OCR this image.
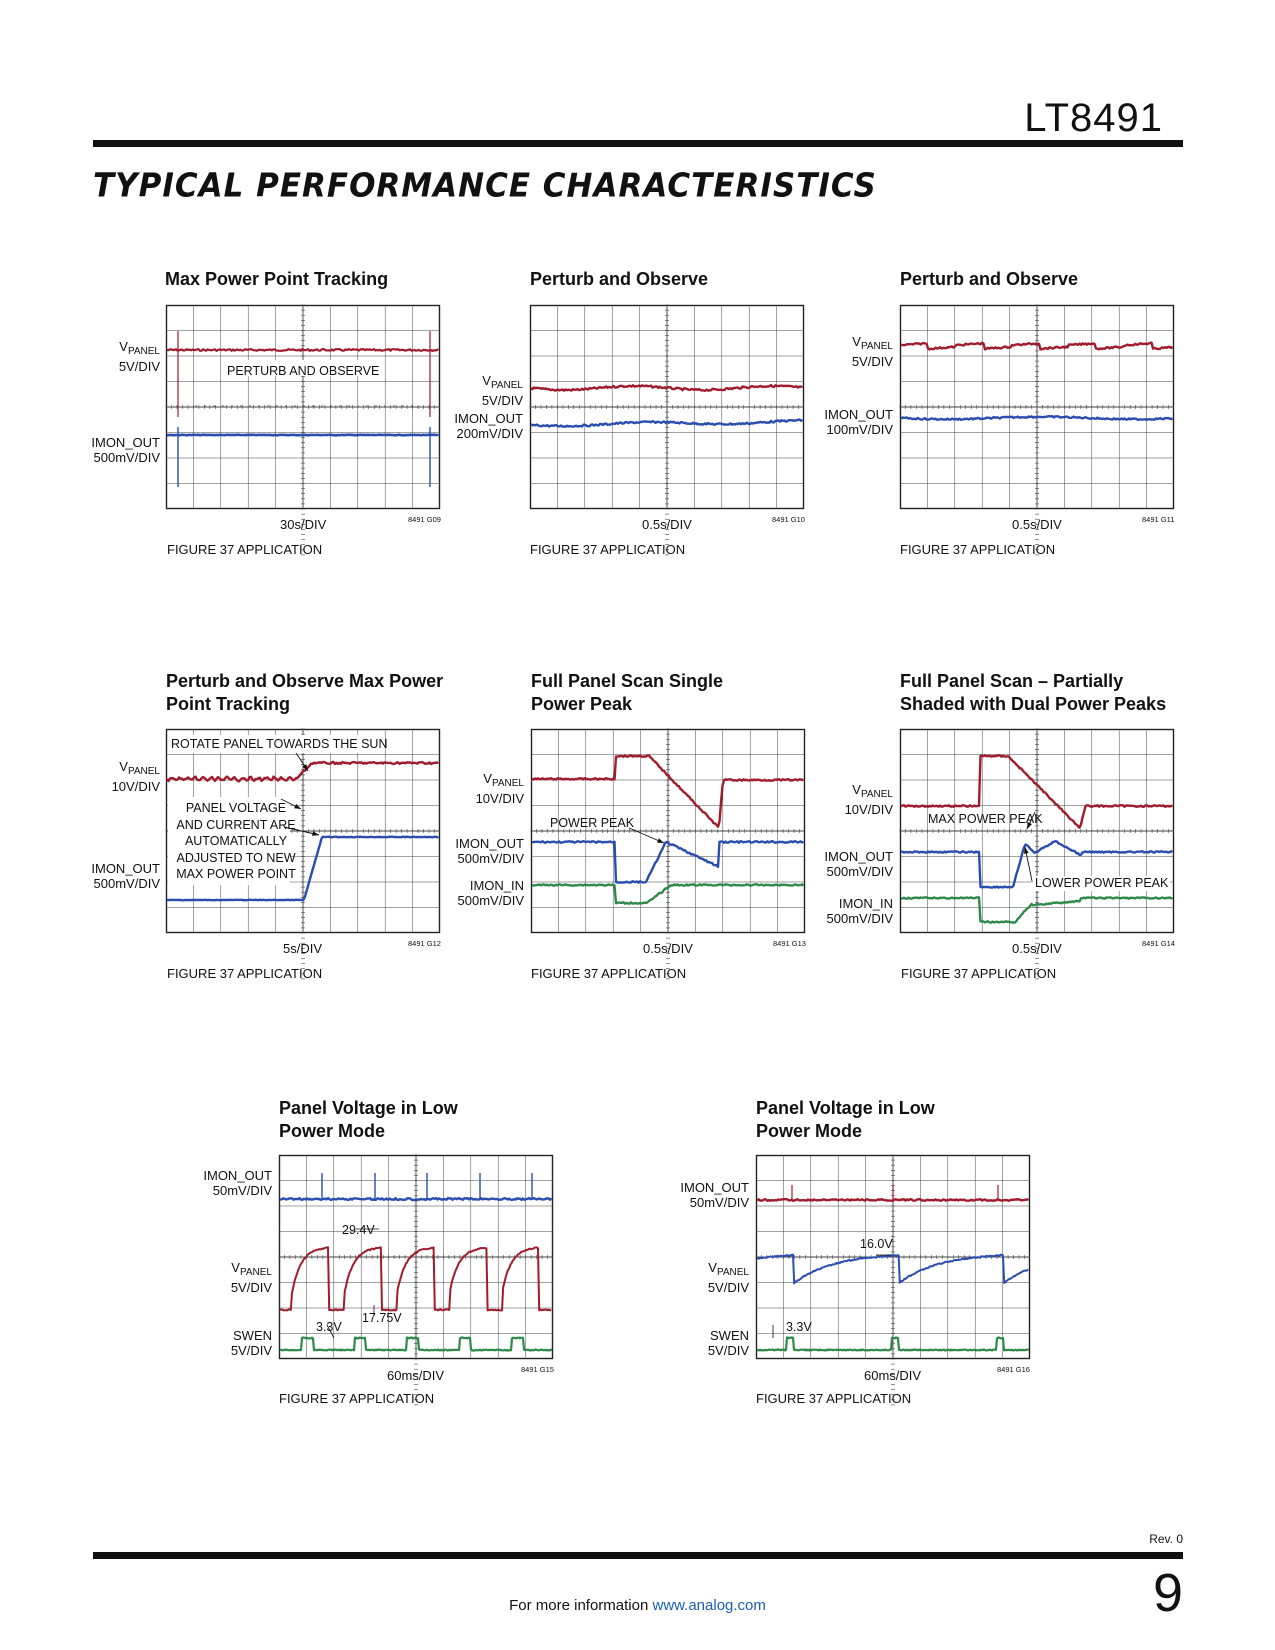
LT8491
TYPICAL PERFORMANCE CHARACTERISTICS
Max Power Point Tracking
$V_{PANEL}$
5V/DIV
IMON_OUT
500mV/DIV
PERTURB AND OBSERVE
30s/DIV	8491 G09
FIGURE 37 APPLICATION
Perturb and Observe
$V_{PANEL}$
5V/DIV
IMON_OUT
200mV/DIV
0.5s/DIV	8491 G10
FIGURE 37 APPLICATION
Perturb and Observe
$V_{PANEL}$
5V/DIV
IMON_OUT
100mV/DIV
0.5s/DIV	8491 G11
FIGURE 37 APPLICATION
Perturb and Observe Max Power
Point Tracking
$V_{PANEL}$
10V/DIV
IMON_OUT
500mV/DIV
ROTATE PANEL TOWARDS THE SUN
PANEL VOLTAGE
AND CURRENT ARE
AUTOMATICALLY
ADJUSTED TO NEW
MAX POWER POINT
5s/DIV	8491 G12
FIGURE 37 APPLICATION
Full Panel Scan Single
Power Peak
$V_{PANEL}$
10V/DIV
IMON_OUT
500mV/DIV
IMON_IN
500mV/DIV
POWER PEAK
0.5s/DIV	8491 G13
FIGURE 37 APPLICATION
Full Panel Scan – Partially
Shaded with Dual Power Peaks
$V_{PANEL}$
10V/DIV
IMON_OUT
500mV/DIV
IMON_IN
500mV/DIV
MAX POWER PEAK
LOWER POWER PEAK
0.5s/DIV	8491 G14
FIGURE 37 APPLICATION
Panel Voltage in Low
Power Mode
IMON_OUT
50mV/DIV
$V_{PANEL}$
5V/DIV
SWEN
5V/DIV
29.4V
17.75V
3.3V
60ms/DIV	8491 G15
FIGURE 37 APPLICATION
Panel Voltage in Low
Power Mode
IMON_OUT
50mV/DIV
$V_{PANEL}$
5V/DIV
SWEN
5V/DIV
16.0V
3.3V
60ms/DIV	8491 G16
FIGURE 37 APPLICATION
Rev. 0
9
For more information www.analog.com
